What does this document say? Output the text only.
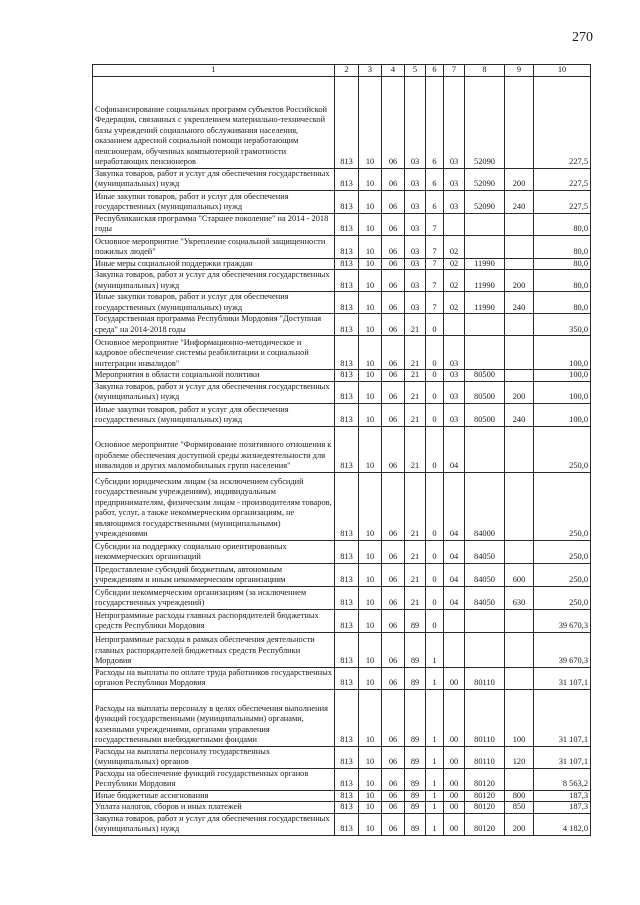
270
1	2	3	4	5	6	7	8	9	10
Софинансирование социальных программ субъектов Российской Федерации, связанных с укреплением материально-технической базы учреждений социального обслуживания населения, оказанием адресной социальной помощи неработающим пенсионерам, обученных компьютерной грамотности неработающих пенсионеров	813	10	06	03	6	03	52090		227,5
Закупка товаров, работ и услуг для обеспечения государственных (муниципальных) нужд	813	10	06	03	6	03	52090	200	227,5
Иные закупки товаров, работ и услуг для обеспечения государственных (муниципальных) нужд	813	10	06	03	6	03	52090	240	227,5
Республиканская программа "Старшее поколение" на 2014 - 2018 годы	813	10	06	03	7				80,0
Основное мероприятие "Укрепление социальной защищенности пожилых людей"	813	10	06	03	7	02			80,0
Иные меры социальной поддержки граждан	813	10	06	03	7	02	11990		80,0
Закупка товаров, работ и услуг для обеспечения государственных (муниципальных) нужд	813	10	06	03	7	02	11990	200	80,0
Иные закупки товаров, работ и услуг для обеспечения государственных (муниципальных) нужд	813	10	06	03	7	02	11990	240	80,0
Государственная программа Республики Мордовия "Доступная среда" на 2014-2018 годы	813	10	06	21	0				350,0
Основное мероприятие "Информационно-методическое и кадровое обеспечение системы реабилитации и социальной интеграции инвалидов"	813	10	06	21	0	03			100,0
Мероприятия в области социальной политики	813	10	06	21	0	03	80500		100,0
Закупка товаров, работ и услуг для обеспечения государственных (муниципальных) нужд	813	10	06	21	0	03	80500	200	100,0
Иные закупки товаров, работ и услуг для обеспечения государственных (муниципальных) нужд	813	10	06	21	0	03	80500	240	100,0
Основное мероприятие "Формирование позитивного отношения к проблеме обеспечения доступной среды жизнедеятельности для инвалидов и других маломобильных групп населения"	813	10	06	21	0	04			250,0
Субсидии юридическим лицам (за исключением субсидий государственным учреждениям), индивидуальным предпринимателям, физическим лицам - производителям товаров, работ, услуг, а также некоммерческим организациям, не являющимся государственными (муниципальными) учреждениями	813	10	06	21	0	04	84000		250,0
Субсидии на поддержку социально ориентированных некоммерческих организаций	813	10	06	21	0	04	84050		250,0
Предоставление субсидий бюджетным, автономным учреждениям и иным некоммерческим организациям	813	10	06	21	0	04	84050	600	250,0
Субсидии некоммерческим организациям (за исключением государственных учреждений)	813	10	06	21	0	04	84050	630	250,0
Непрограммные расходы главных распорядителей бюджетных средств Республики Мордовия	813	10	06	89	0				39 670,3
Непрограммные расходы в рамках обеспечения деятельности главных распорядителей бюджетных средств Республики Мордовия	813	10	06	89	1				39 670,3
Расходы на выплаты по оплате труда работников государственных органов Республики Мордовия	813	10	06	89	1	00	80110		31 107,1
Расходы на выплаты персоналу в целях обеспечения выполнения функций государственными (муниципальными) органами, казенными учреждениями, органами управления государственными внебюджетными фондами	813	10	06	89	1	00	80110	100	31 107,1
Расходы на выплаты персоналу государственных (муниципальных) органов	813	10	06	89	1	00	80110	120	31 107,1
Расходы на обеспечение функций государственных органов Республики Мордовия	813	10	06	89	1	00	80120		8 563,2
Иные бюджетные ассигнования	813	10	06	89	1	00	80120	800	187,3
Уплата налогов, сборов и иных платежей	813	10	06	89	1	00	80120	850	187,3
Закупка товаров, работ и услуг для обеспечения государственных (муниципальных) нужд	813	10	06	89	1	00	80120	200	4 182,0
